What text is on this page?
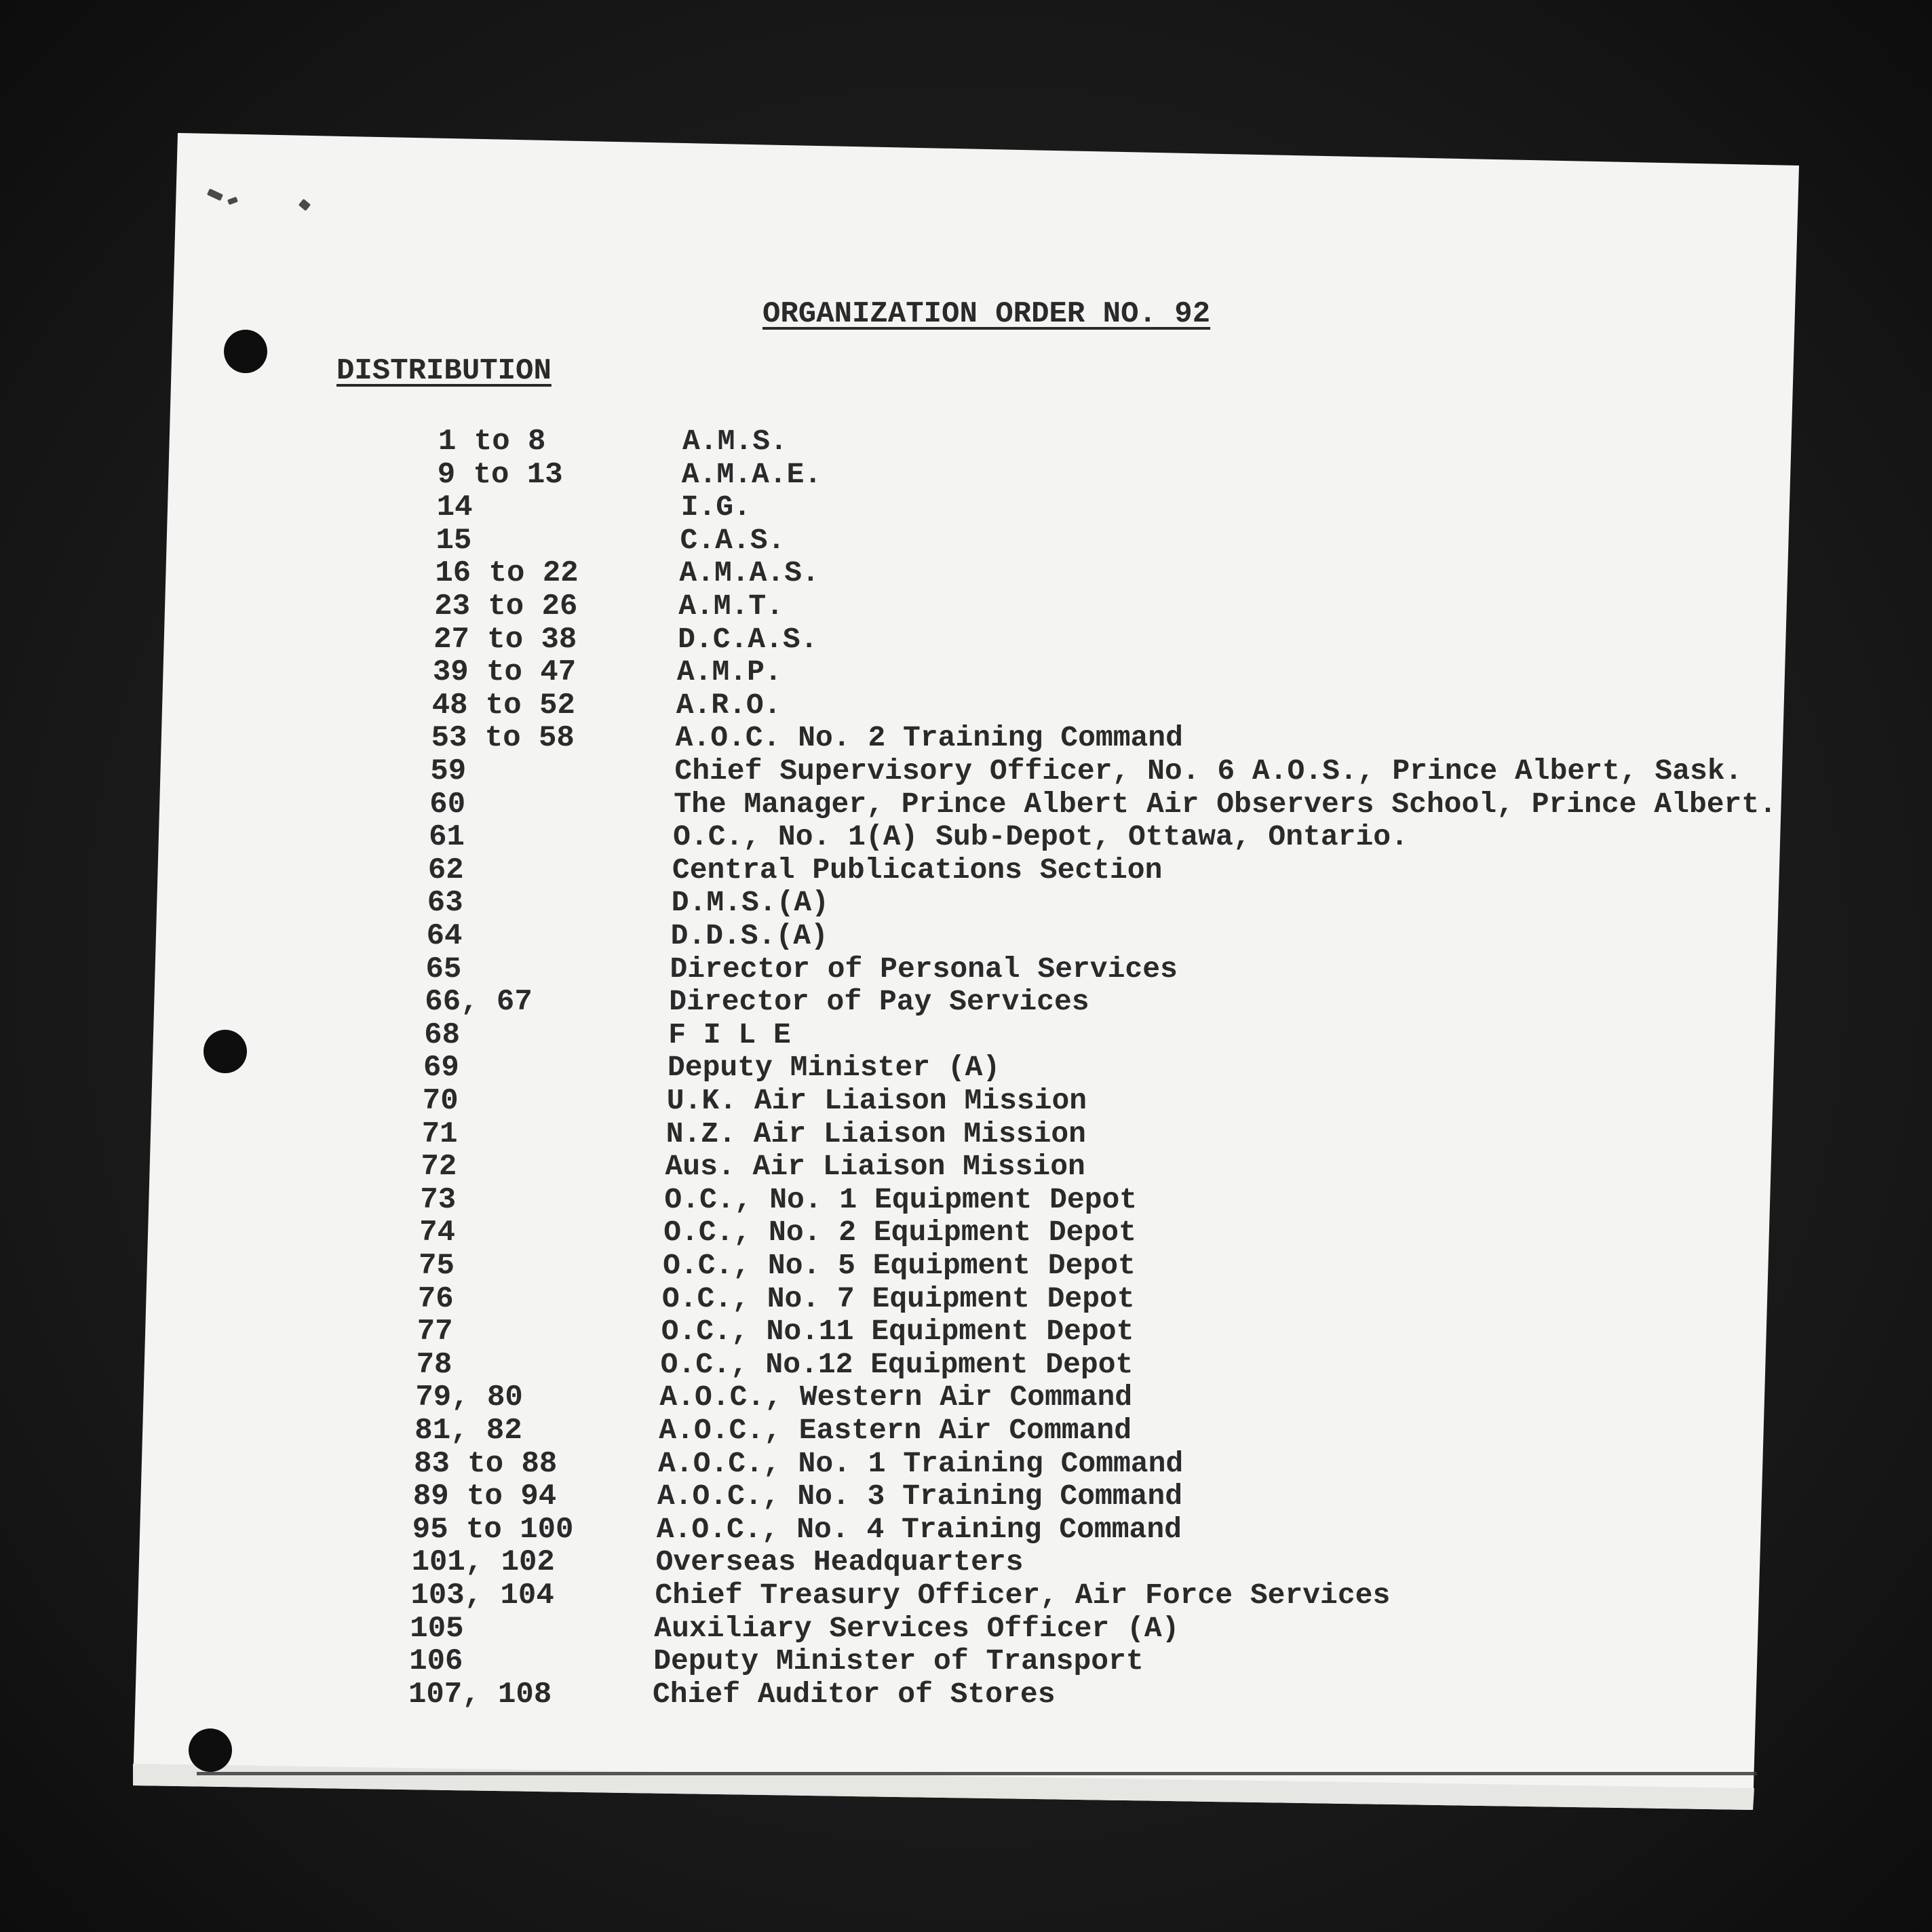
ORGANIZATION ORDER NO. 92
DISTRIBUTION
1 to 8	A.M.S.
9 to 13	A.M.A.E.
14	I.G.
15	C.A.S.
16 to 22	A.M.A.S.
23 to 26	A.M.T.
27 to 38	D.C.A.S.
39 to 47	A.M.P.
48 to 52	A.R.O.
53 to 58	A.O.C. No. 2 Training Command
59	Chief Supervisory Officer, No. 6 A.O.S., Prince Albert, Sask.
60	The Manager, Prince Albert Air Observers School, Prince Albert.
61	O.C., No. 1(A) Sub-Depot, Ottawa, Ontario.
62	Central Publications Section
63	D.M.S.(A)
64	D.D.S.(A)
65	Director of Personal Services
66, 67	Director of Pay Services
68	F I L E
69	Deputy Minister (A)
70	U.K. Air Liaison Mission
71	N.Z. Air Liaison Mission
72	Aus. Air Liaison Mission
73	O.C., No. 1 Equipment Depot
74	O.C., No. 2 Equipment Depot
75	O.C., No. 5 Equipment Depot
76	O.C., No. 7 Equipment Depot
77	O.C., No.11 Equipment Depot
78	O.C., No.12 Equipment Depot
79, 80	A.O.C., Western Air Command
81, 82	A.O.C., Eastern Air Command
83 to 88	A.O.C., No. 1 Training Command
89 to 94	A.O.C., No. 3 Training Command
95 to 100	A.O.C., No. 4 Training Command
101, 102	Overseas Headquarters
103, 104	Chief Treasury Officer, Air Force Services
105	Auxiliary Services Officer (A)
106	Deputy Minister of Transport
107, 108	Chief Auditor of Stores
